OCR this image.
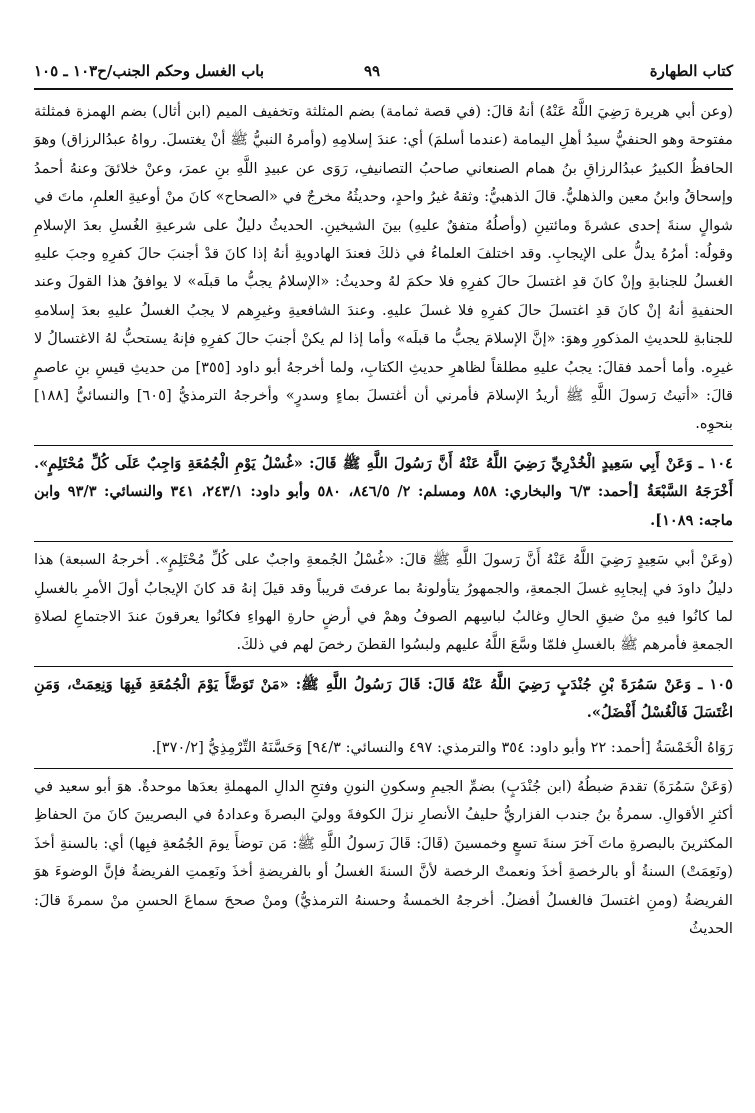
كتاب الطهارة
٩٩
باب الغسل وحكم الجنب/ح١٠٣ ـ ١٠٥

(وعن أبي هريرة رَضِيَ اللَّهُ عَنْهُ) أنهُ قالَ: (في قصة ثمامة) بضم المثلثة وتخفيف الميم (ابن أثال) بضم الهمزة فمثلثة مفتوحة وهو الحنفيُّ سيدُ أهلِ اليمامة (عندما أسلمَ) أي: عندَ إسلامِهِ (وأمرهُ النبيُّ ﷺ أنْ يغتسلَ. رواهُ عبدُالرزاق) وهوَ الحافظُ الكبيرُ عبدُالرزاقِ بنُ همام الصنعاني صاحبُ التصانيفِ، رَوَى عن عبيدِ اللَّهِ بنِ عمرَ، وعنْ خلائقَ وعنهُ أحمدُ وإسحاقُ وابنُ معين والذهليُّ. قالَ الذهبيُّ: وثقهُ غيرُ واحدٍ، وحديثُهُ مخرجٌ في «الصحاح» كانَ منْ أوعيةِ العلمِ، ماتَ في شوالٍ سنةَ إحدى عشرةَ ومائتينِ (وأصلُهُ متفقٌ عليهِ) بينَ الشيخينِ. الحديثُ دليلٌ على شرعيةِ الغُسلِ بعدَ الإسلامِ وقولُه: أمرُهُ يدلُّ على الإيجابِ. وقد اختلفَ العلماءُ في ذلكَ فعندَ الهادويةِ أنهُ إذا كانَ قدْ أجنبَ حالَ كفرِهِ وجبَ عليهِ الغسلُ للجنابةِ وإنْ كانَ قدِ اغتسلَ حالَ كفرِهِ فلا حكمَ لهُ وحديثُ: «الإسلامُ يجبُّ ما قبلَه» لا يوافقُ هذا القولَ وعند الحنفيةِ أنهُ إنْ كانَ قدِ اغتسلَ حالَ كفرِهِ فلا غسلَ عليهِ. وعندَ الشافعيةِ وغيرِهم لا يجبُ الغسلُ عليهِ بعدَ إسلامهِ للجنابةِ للحديثِ المذكورِ وهوَ: «إنَّ الإسلامَ يجبُّ ما قبلَه» وأما إذا لم يكنْ أجنبَ حالَ كفرِهِ فإنهُ يستحبُّ لهُ الاغتسالُ لا غيرِه. وأما أحمد فقالَ: يجبُ عليهِ مطلقاً لظاهرِ حديثِ الكتابِ، ولما أخرجهُ أبو داود [٣٥٥] من حديثِ قيسِ بنِ عاصمٍ قالَ: «أتيتُ رَسولَ اللَّهِ ﷺ أريدُ الإسلامَ فأمرني أن أغتسلَ بماءٍ وسدرٍ» وأخرجهُ الترمذيُّ [٦٠٥] والنسائيُّ [١٨٨] بنحوِه.

١٠٤ ـ وَعَنْ أَبِي سَعِيدٍ الْخُدْرِيِّ رَضِيَ اللَّهُ عَنْهُ أَنَّ رَسُولَ اللَّهِ ﷺ قَالَ: «غُسْلُ يَوْمِ الْجُمُعَةِ وَاجِبٌ عَلَى كُلِّ مُحْتَلِمٍ». أَخْرَجَهُ السَّبْعَةُ [أحمد: ٦/٣ والبخاري: ٨٥٨ ومسلم: ٢/ ٨٤٦/٥، ٥٨٠ وأبو داود: ٢٤٣/١، ٣٤١ والنسائي: ٩٣/٣ وابن ماجه: ١٠٨٩].

(وعَنْ أبي سَعِيدٍ رَضِيَ اللَّهُ عَنْهُ أَنَّ رَسولَ اللَّهِ ﷺ قالَ: «غُسْلُ الجُمعةِ واجبٌ على كُلِّ مُحْتَلِمٍ». أخرجهُ السبعة) هذا دليلُ داودَ في إيجابِهِ غسلَ الجمعةِ، والجمهورُ يتأولونهُ بما عرفتَ قريباً وقد قيلَ إنهُ قد كانَ الإيجابُ أولَ الأمرِ بالغسلِ لما كانُوا فيهِ منْ ضيقِ الحالِ وغالبُ لباسِهم الصوفُ وهمْ في أرضٍ حارةِ الهواءِ فكانُوا يعرقونَ عندَ الاجتماعِ لصلاةِ الجمعةِ فأمرهم ﷺ بالغسلِ فلمّا وسَّعَ اللَّهُ عليهم ولبسُوا القطنَ رخصَ لهم في ذلكَ.

١٠٥ ـ وَعَنْ سَمُرَةَ بْنِ جُنْدَبٍ رَضِيَ اللَّهُ عَنْهُ قَالَ: قَالَ رَسُولُ اللَّهِ ﷺ: «مَنْ تَوَضَّأَ يَوْمَ الْجُمُعَةِ فَبِهَا وَنِعِمَتْ، وَمَنِ اغْتَسَلَ فَالْغُسْلُ أَفْضَلُ».

رَوَاهُ الْخَمْسَةُ [أحمد: ٢٢ وأبو داود: ٣٥٤ والترمذي: ٤٩٧ والنسائي: ٩٤/٣] وَحَسَّنَهُ التِّرْمِذِيُّ [٣٧٠/٢].

(وَعَنْ سَمُرَةَ) تقدمَ ضبطُهُ (ابن جُنْدَبٍ) بضمِّ الجيمِ وسكونِ النونِ وفتحِ الدالِ المهملةِ بعدَها موحدةٌ. هوَ أبو سعيد في أكثرِ الأقوالِ. سمرةُ بنُ جندب الفزاريُّ حليفُ الأنصارِ نزلَ الكوفةَ ووليَ البصرةَ وعدادهُ في البصريينَ كانَ منَ الحفاظِ المكثرينَ بالبصرةِ ماتَ آخرَ سنةَ تسعٍ وخمسينَ (قَالَ: قَالَ رَسولُ اللَّهِ ﷺ: مَن توضأَ يومَ الجُمُعةِ فبِها) أي: بالسنةِ أخذَ (ونَعِمَتْ) السنةُ أو بالرخصةِ أخذَ ونعمتْ الرخصة لأنَّ السنةَ الغسلُ أو بالفريضةِ أخذَ ونَعِمتِ الفريضةُ فإنَّ الوضوءَ هوَ الفريضةُ (ومنِ اغتسلَ فالغسلُ أفضلُ. أخرجهُ الخمسةُ وحسنهُ الترمذيُّ) ومنْ صححَ سماعَ الحسنِ منْ سمرةَ قالَ: الحديثُ
